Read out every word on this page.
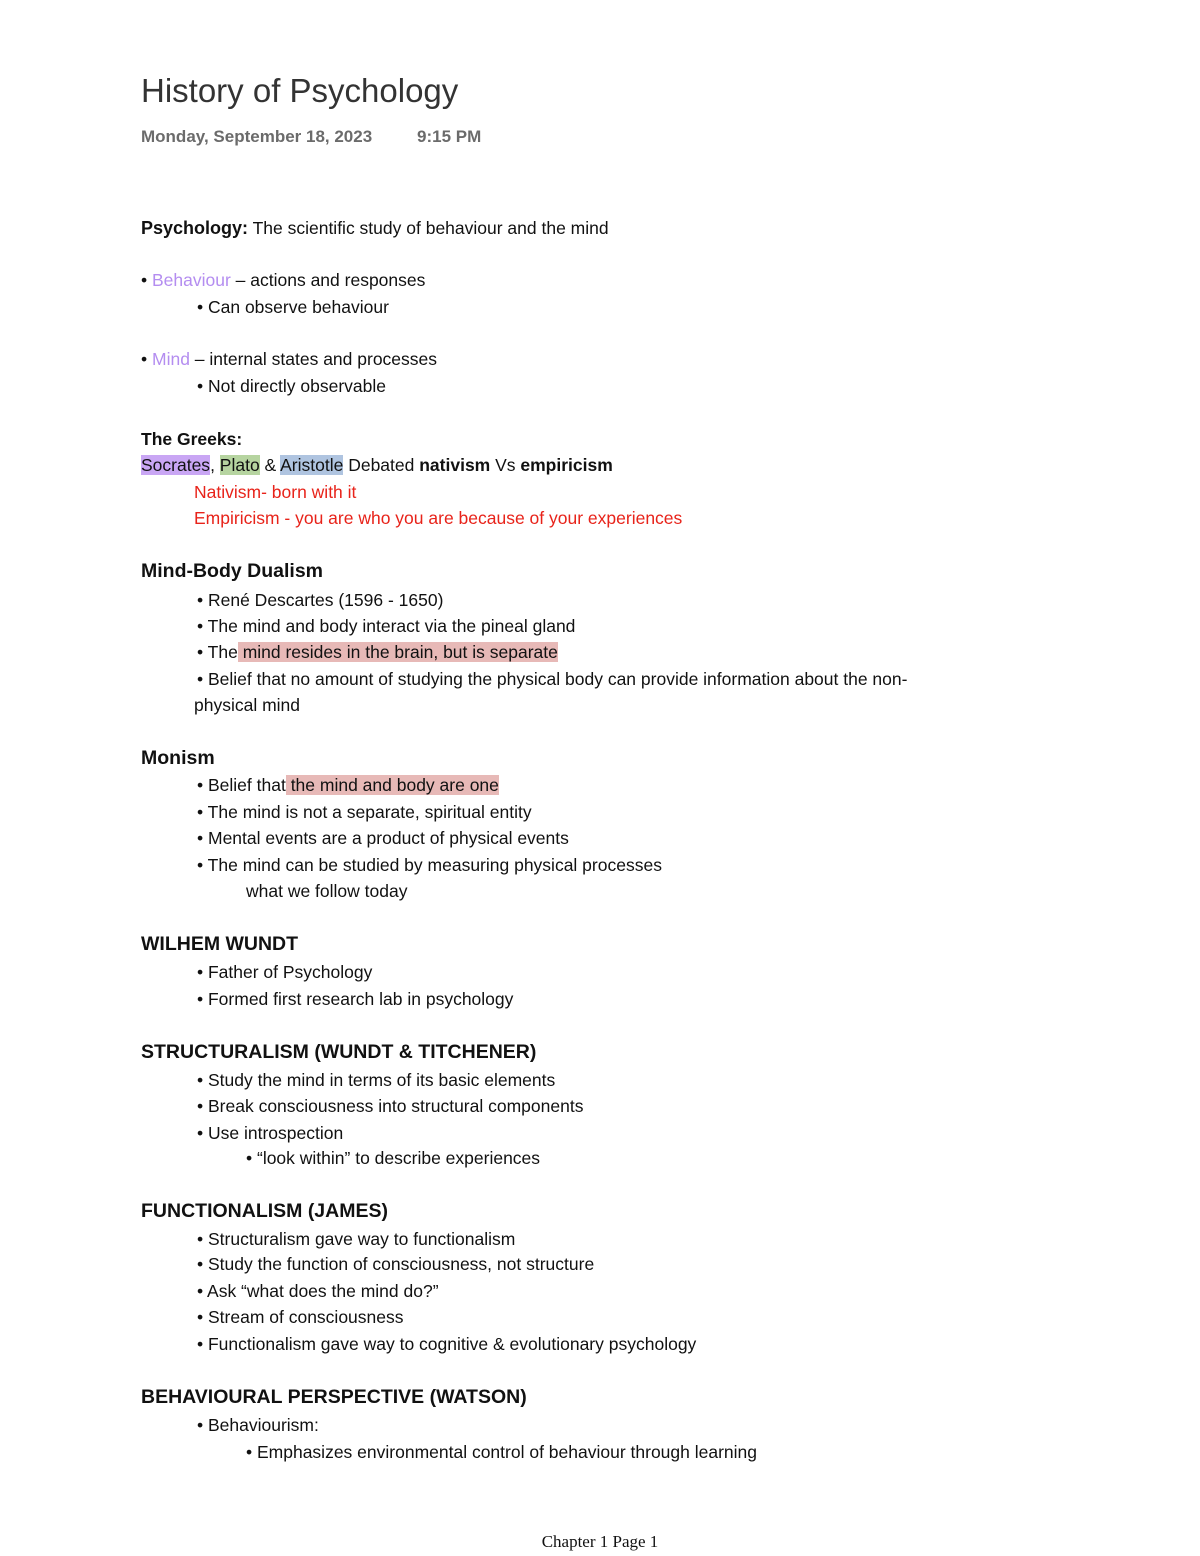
History of Psychology
Monday, September 18, 2023	9:15 PM
Psychology: The scientific study of behaviour and the mind
• Behaviour – actions and responses
• Can observe behaviour
• Mind – internal states and processes
• Not directly observable
The Greeks:
Socrates, Plato & Aristotle Debated nativism Vs empiricism
Nativism- born with it
Empiricism - you are who you are because of your experiences
Mind-Body Dualism
• René Descartes (1596 - 1650)
• The mind and body interact via the pineal gland
• The mind resides in the brain, but is separate
• Belief that no amount of studying the physical body can provide information about the non-
physical mind
Monism
• Belief that the mind and body are one
• The mind is not a separate, spiritual entity
• Mental events are a product of physical events
• The mind can be studied by measuring physical processes
what we follow today
WILHEM WUNDT
• Father of Psychology
• Formed first research lab in psychology
STRUCTURALISM (WUNDT & TITCHENER)
• Study the mind in terms of its basic elements
• Break consciousness into structural components
• Use introspection
• “look within” to describe experiences
FUNCTIONALISM (JAMES)
• Structuralism gave way to functionalism
• Study the function of consciousness, not structure
• Ask “what does the mind do?”
• Stream of consciousness
• Functionalism gave way to cognitive & evolutionary psychology
BEHAVIOURAL PERSPECTIVE (WATSON)
• Behaviourism:
• Emphasizes environmental control of behaviour through learning
Chapter 1 Page 1
